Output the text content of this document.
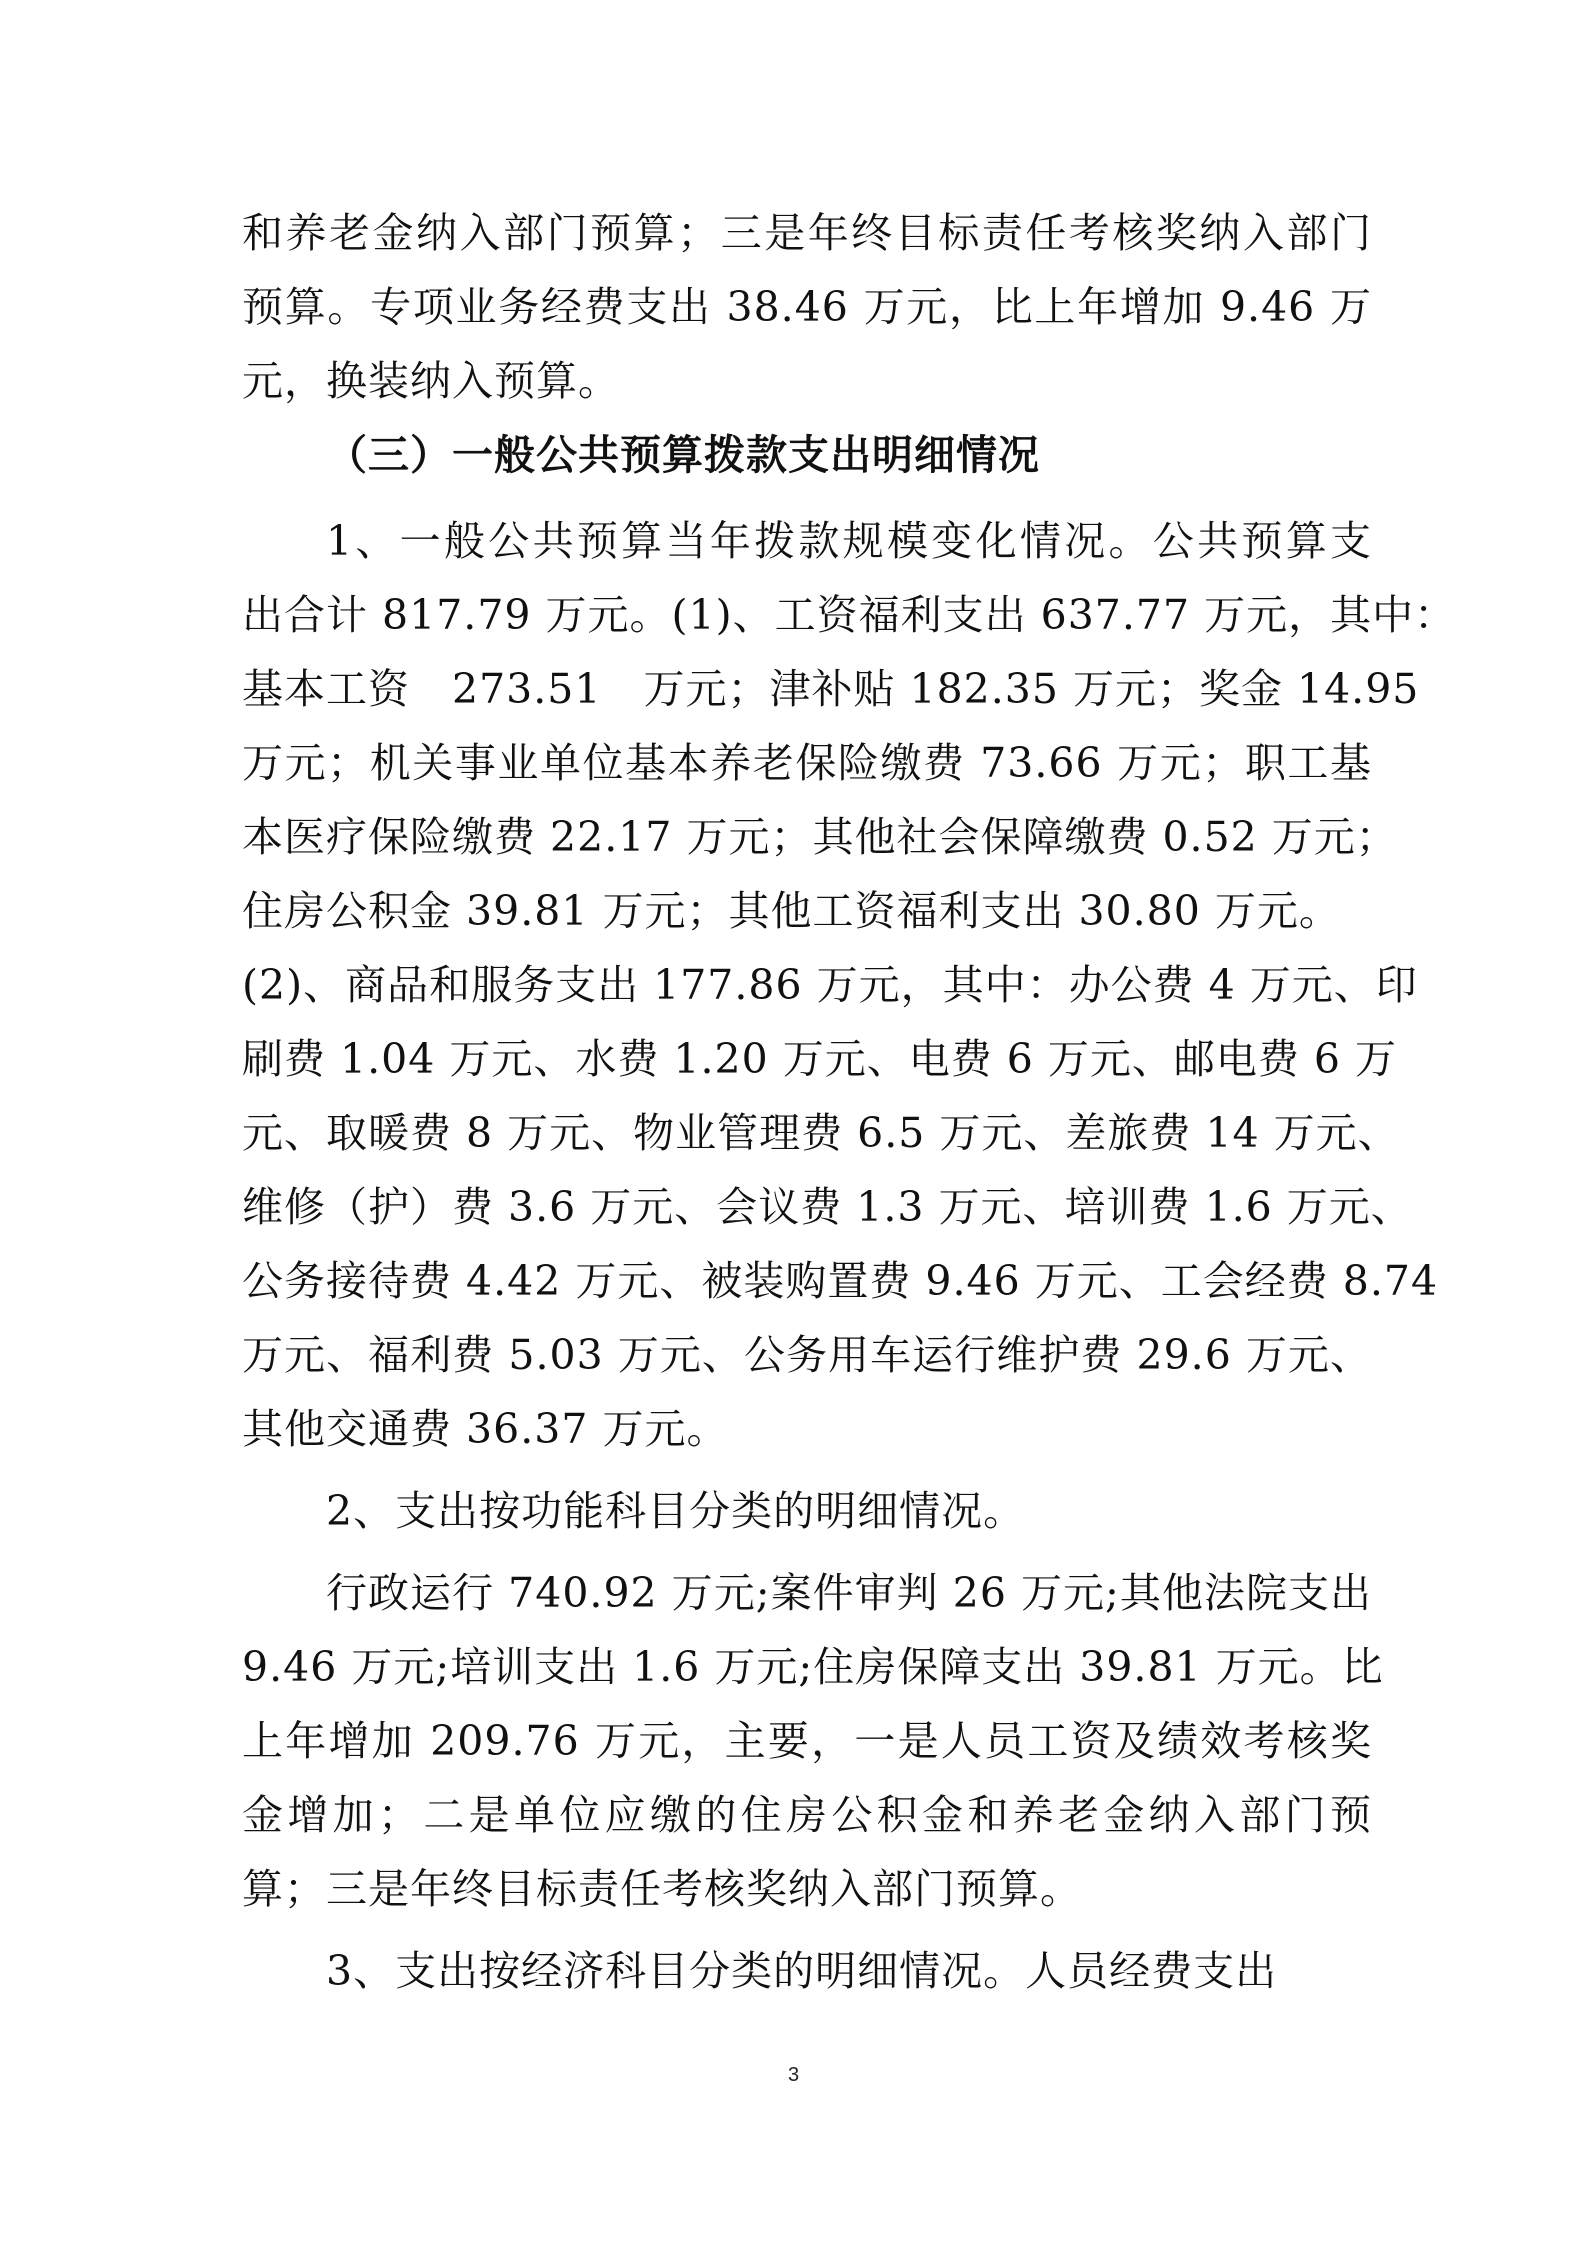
和养老金纳入部门预算；三是年终目标责任考核奖纳入部门
预算。专项业务经费支出 38.46 万元，比上年增加 9.46 万
元，换装纳入预算。
（三）一般公共预算拨款支出明细情况
1、一般公共预算当年拨款规模变化情况。公共预算支
出合计 817.79 万元。(1)、工资福利支出 637.77 万元，其中：
基本工资　273.51　万元；津补贴 182.35 万元；奖金 14.95
万元；机关事业单位基本养老保险缴费 73.66 万元；职工基
本医疗保险缴费 22.17 万元；其他社会保障缴费 0.52 万元；
住房公积金 39.81 万元；其他工资福利支出 30.80 万元。
(2)、商品和服务支出 177.86 万元，其中：办公费 4 万元、印
刷费 1.04 万元、水费 1.20 万元、电费 6 万元、邮电费 6 万
元、取暖费 8 万元、物业管理费 6.5 万元、差旅费 14 万元、
维修（护）费 3.6 万元、会议费 1.3 万元、培训费 1.6 万元、
公务接待费 4.42 万元、被装购置费 9.46 万元、工会经费 8.74
万元、福利费 5.03 万元、公务用车运行维护费 29.6 万元、
其他交通费 36.37 万元。
2、支出按功能科目分类的明细情况。
行政运行 740.92 万元;案件审判 26 万元;其他法院支出
9.46 万元;培训支出 1.6 万元;住房保障支出 39.81 万元。比
上年增加 209.76 万元，主要，一是人员工资及绩效考核奖
金增加；二是单位应缴的住房公积金和养老金纳入部门预
算；三是年终目标责任考核奖纳入部门预算。
3、支出按经济科目分类的明细情况。人员经费支出
3
